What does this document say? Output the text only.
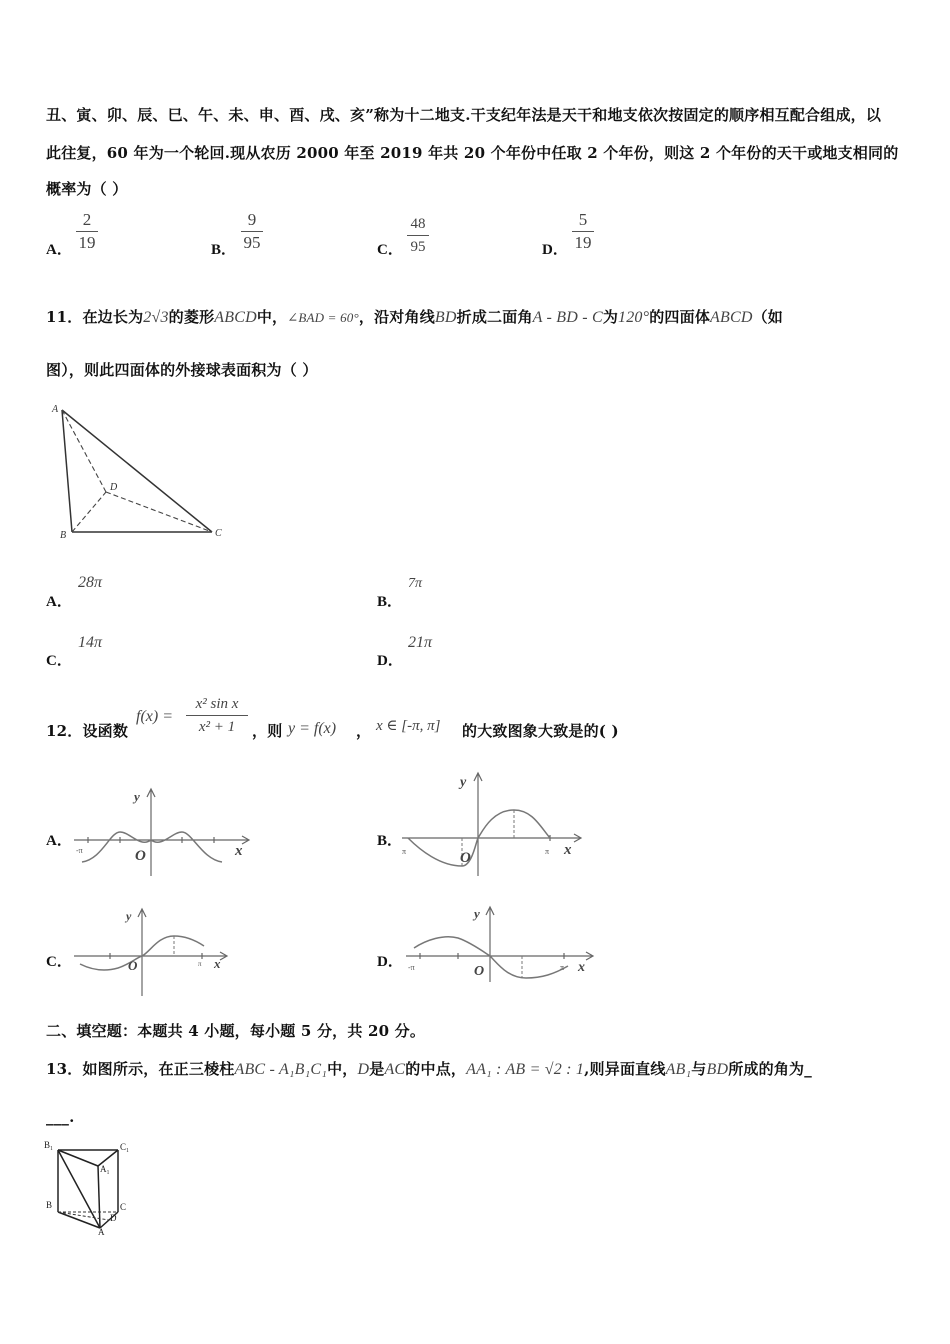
丑、寅、卯、辰、巳、午、未、申、酉、戌、亥”称为十二地支.干支纪年法是天干和地支依次按固定的顺序相互配合组成，以
此往复，60 年为一个轮回.现从农历 2000 年至 2019 年共 20 个年份中任取 2 个年份，则这 2 个年份的天干或地支相同的
概率为（ ）
A．
2
19	B．
9
95	C．
48
95	D．
5
19
11．在边长为2√3的菱形ABCD中，∠BAD = 60°，沿对角线BD折成二面角A - BD - C为120°的四面体ABCD（如
图），则此四面体的外接球表面积为（ ）
A
D
B	C
A．
28π
B．
7π
C．
14π
D．
21π
12．设函数
f(x) =
x² sin x
x² + 1	，则 y = f(x) ， x ∈ [-π, π] 的大致图象大致是的( )
A．
y
x
O
-π
B．
y
x
O
π	π
C．
y
x
O	π	D．
y
x
O
-π	π
二、填空题：本题共 4 小题，每小题 5 分，共 20 分。
13．如图所示，在正三棱柱ABC - A₁B₁C₁中，D是AC的中点，AA₁ : AB = √2 : 1,则异面直线AB₁与BD所成的角为_
___.
B₁	C₁
A₁
B	C
D
A
